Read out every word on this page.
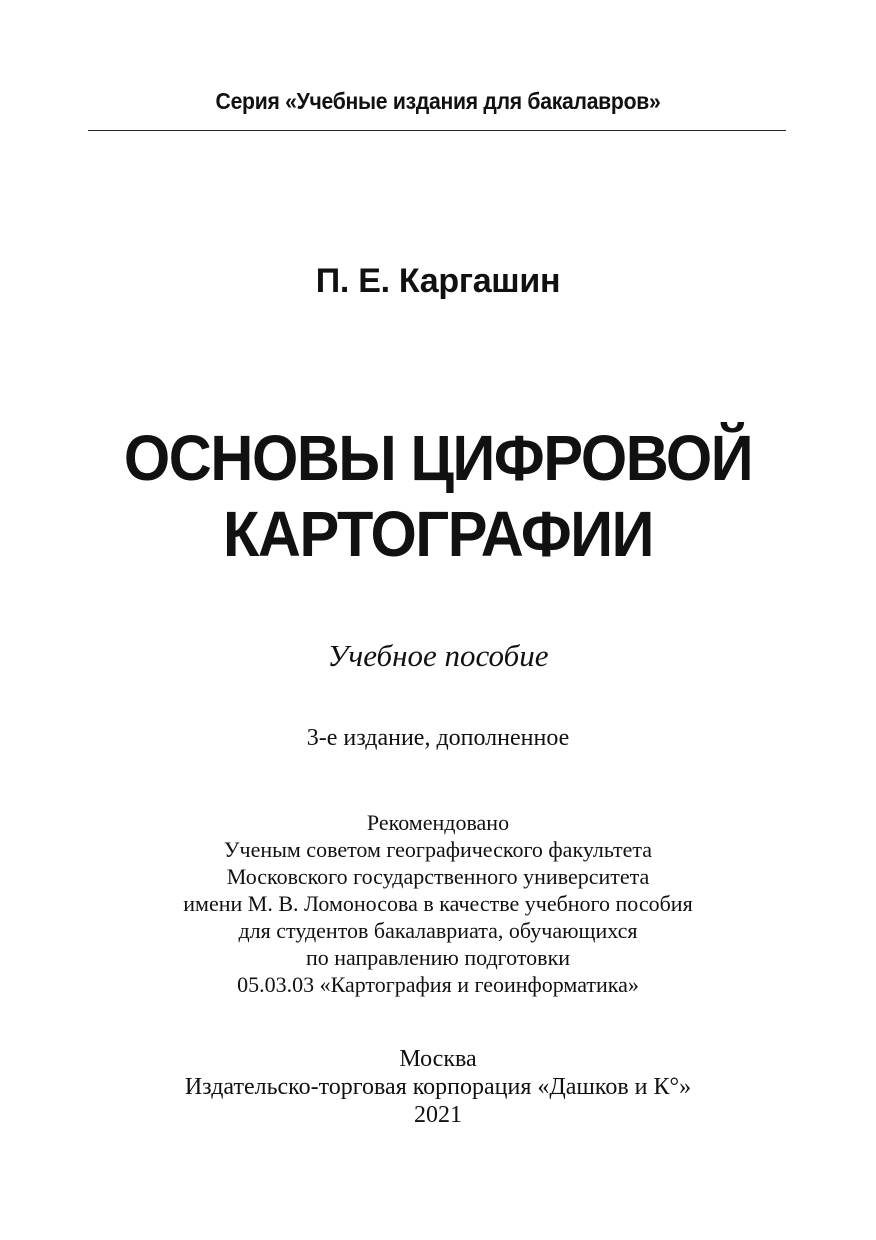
Серия «Учебные издания для бакалавров»
П. Е. Каргашин
ОСНОВЫ ЦИФРОВОЙ
КАРТОГРАФИИ
Учебное пособие
3-е издание, дополненное
Рекомендовано
Ученым советом географического факультета
Московского государственного университета
имени М. В. Ломоносова в качестве учебного пособия
для студентов бакалавриата, обучающихся
по направлению подготовки
05.03.03 «Картография и геоинформатика»
Москва
Издательско-торговая корпорация «Дашков и К°»
2021
